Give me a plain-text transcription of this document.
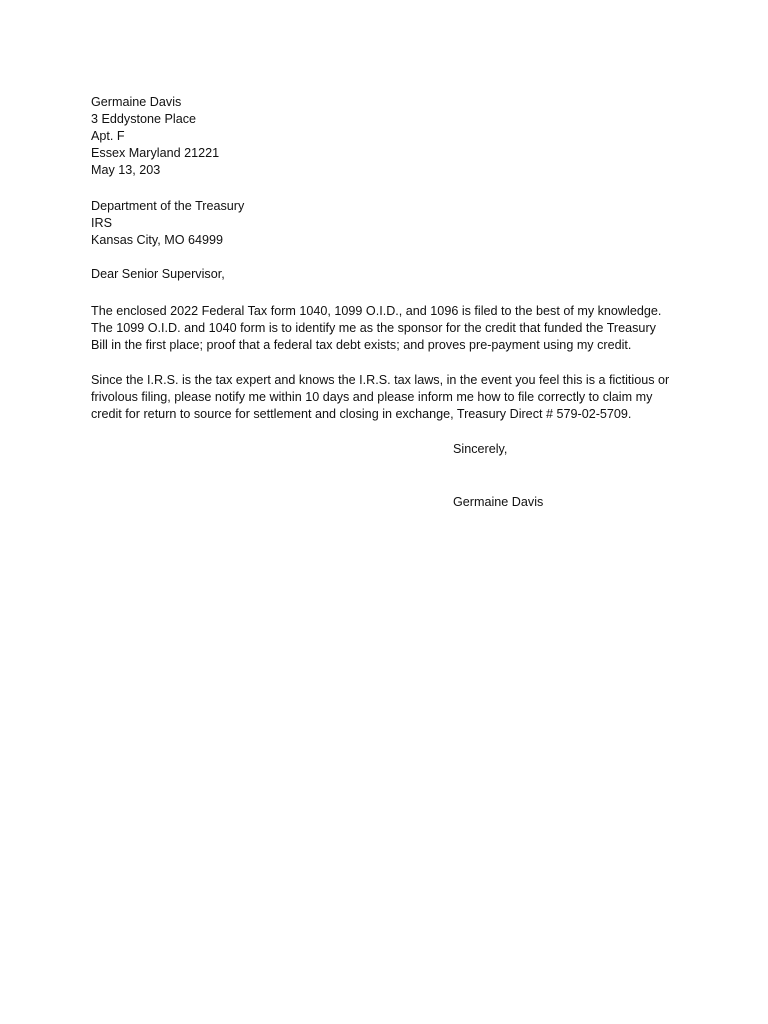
Germaine Davis
3 Eddystone Place
Apt. F
Essex Maryland 21221
May 13, 203
Department of the Treasury
IRS
Kansas City, MO 64999
Dear Senior Supervisor,
The enclosed 2022 Federal Tax form 1040, 1099 O.I.D., and 1096 is filed to the best of my knowledge.
The 1099 O.I.D. and 1040 form is to identify me as the sponsor for the credit that funded the Treasury
Bill in the first place; proof that a federal tax debt exists; and proves pre-payment using my credit.
Since the I.R.S. is the tax expert and knows the I.R.S. tax laws, in the event you feel this is a fictitious or
frivolous filing, please notify me within 10 days and please inform me how to file correctly to claim my
credit for return to source for settlement and closing in exchange, Treasury Direct # 579-02-5709.
Sincerely,
Germaine Davis
